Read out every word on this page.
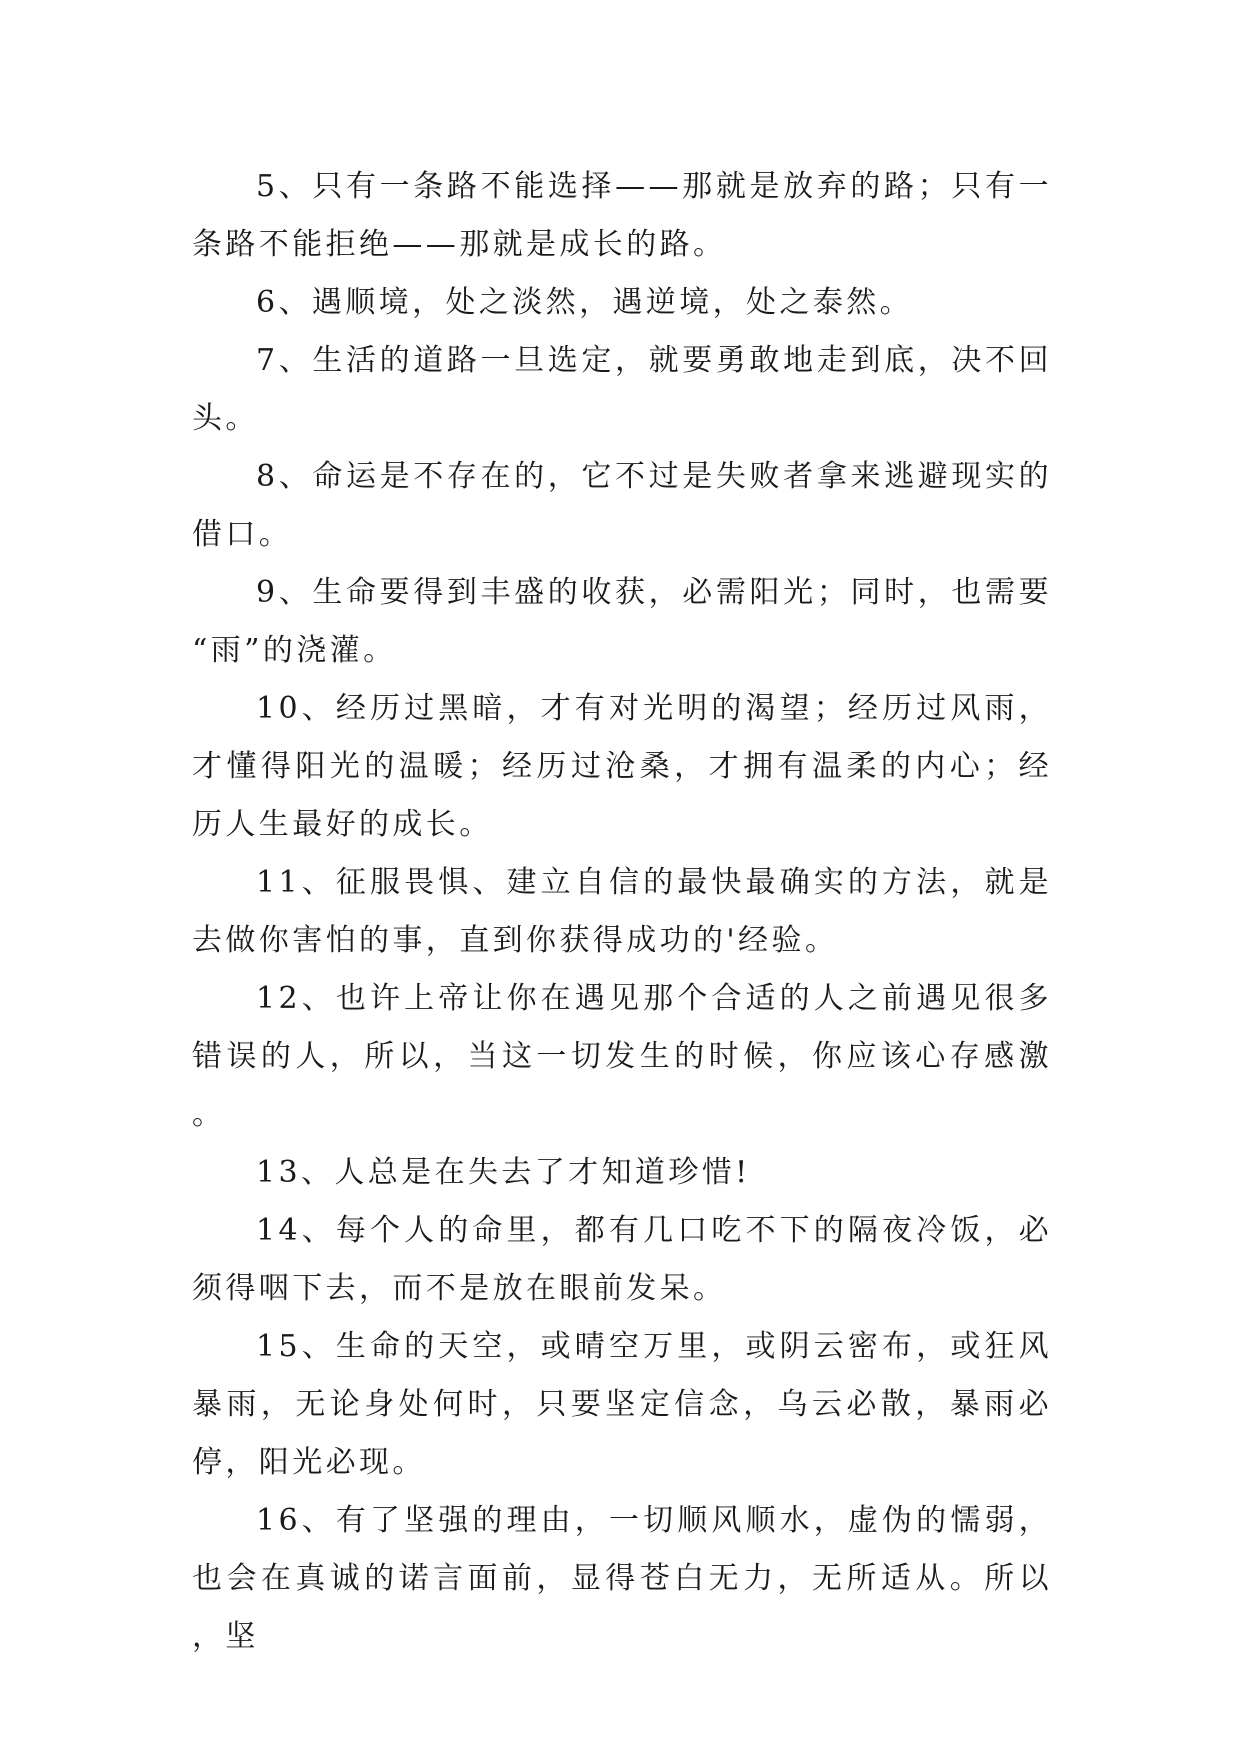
5、只有一条路不能选择——那就是放弃的路；只有一条路不能拒绝——那就是成长的路。

6、遇顺境，处之淡然，遇逆境，处之泰然。

7、生活的道路一旦选定，就要勇敢地走到底，决不回头。

8、命运是不存在的，它不过是失败者拿来逃避现实的借口。

9、生命要得到丰盛的收获，必需阳光；同时，也需要“雨”的浇灌。

10、经历过黑暗，才有对光明的渴望；经历过风雨，才懂得阳光的温暖；经历过沧桑，才拥有温柔的内心；经历人生最好的成长。

11、征服畏惧、建立自信的最快最确实的方法，就是去做你害怕的事，直到你获得成功的'经验。

12、也许上帝让你在遇见那个合适的人之前遇见很多错误的人，所以，当这一切发生的时候，你应该心存感激。

13、人总是在失去了才知道珍惜!

14、每个人的命里，都有几口吃不下的隔夜冷饭，必须得咽下去，而不是放在眼前发呆。

15、生命的天空，或晴空万里，或阴云密布，或狂风暴雨，无论身处何时，只要坚定信念，乌云必散，暴雨必停，阳光必现。

16、有了坚强的理由，一切顺风顺水，虚伪的懦弱，也会在真诚的诺言面前，显得苍白无力，无所适从。所以，坚
